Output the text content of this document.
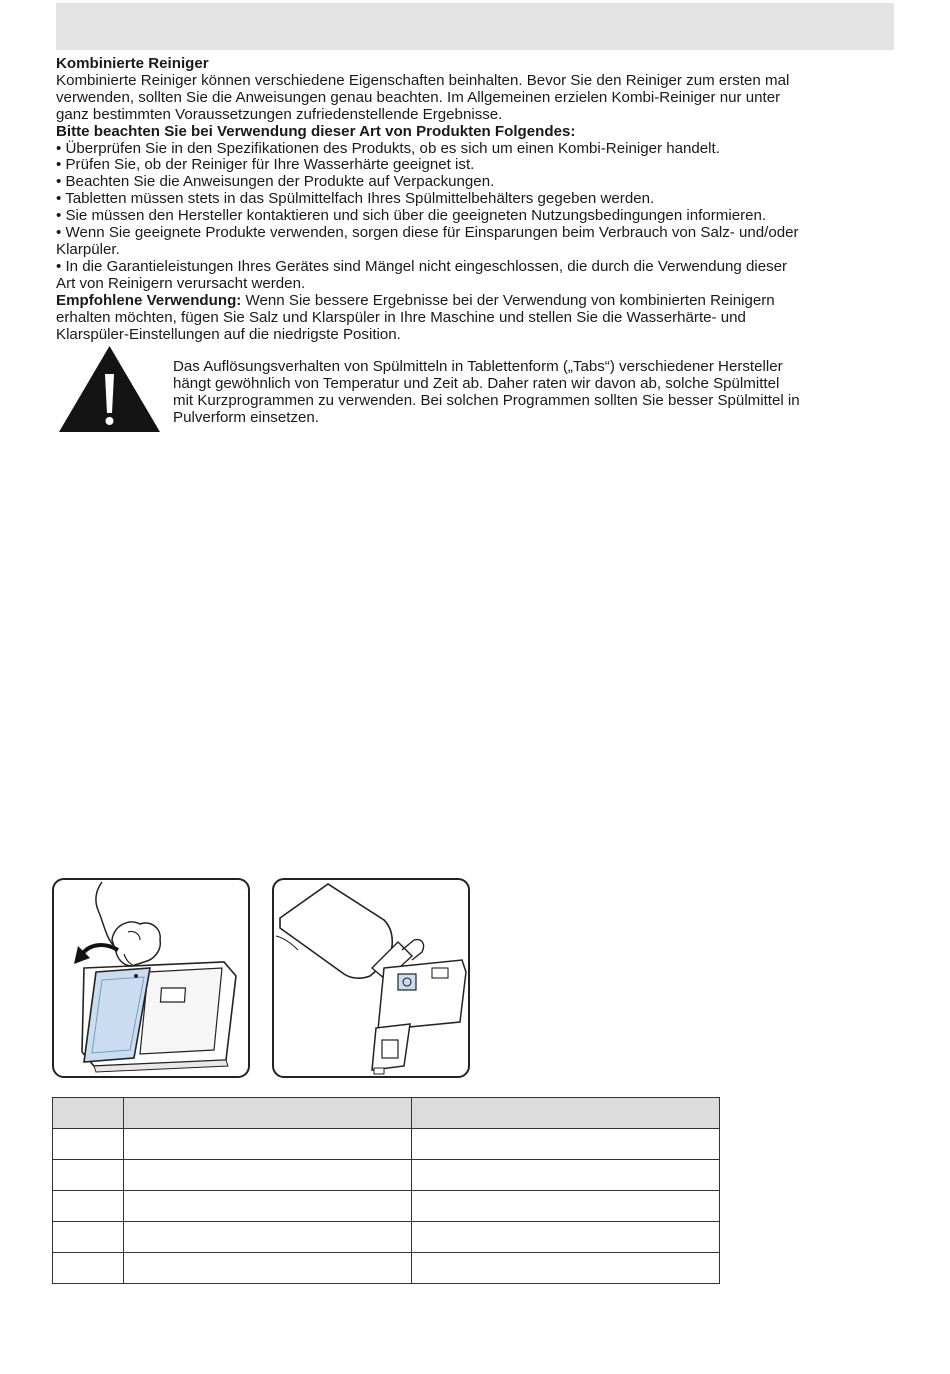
Kombinierte Reiniger

Kombinierte Reiniger können verschiedene Eigenschaften beinhalten. Bevor Sie den Reiniger zum ersten mal

verwenden, sollten Sie die Anweisungen genau beachten. Im Allgemeinen erzielen Kombi-Reiniger nur unter

ganz bestimmten Voraussetzungen zufriedenstellende Ergebnisse.

Bitte beachten Sie bei Verwendung dieser Art von Produkten Folgendes:

• Überprüfen Sie in den Spezifikationen des Produkts, ob es sich um einen Kombi-Reiniger handelt.

• Prüfen Sie, ob der Reiniger für Ihre Wasserhärte geeignet ist.

• Beachten Sie die Anweisungen der Produkte auf Verpackungen.

• Tabletten müssen stets in das Spülmittelfach Ihres Spülmittelbehälters gegeben werden.

• Sie müssen den Hersteller kontaktieren und sich über die geeigneten Nutzungsbedingungen informieren.

• Wenn Sie geeignete Produkte verwenden, sorgen diese für Einsparungen beim Verbrauch von Salz- und/oder

Klarpüler.

• In die Garantieleistungen Ihres Gerätes sind Mängel nicht eingeschlossen, die durch die Verwendung dieser

Art von Reinigern verursacht werden.

Empfohlene Verwendung: Wenn Sie bessere Ergebnisse bei der Verwendung von kombinierten Reinigern

erhalten möchten, fügen Sie Salz und Klarspüler in Ihre Maschine und stellen Sie die Wasserhärte- und

Klarspüler-Einstellungen auf die niedrigste Position.

Das Auflösungsverhalten von Spülmitteln in Tablettenform („Tabs“) verschiedener Hersteller

hängt gewöhnlich von Temperatur und Zeit ab. Daher raten wir davon ab, solche Spülmittel

mit Kurzprogrammen zu verwenden. Bei solchen Programmen sollten Sie besser Spülmittel in

Pulverform einsetzen.
